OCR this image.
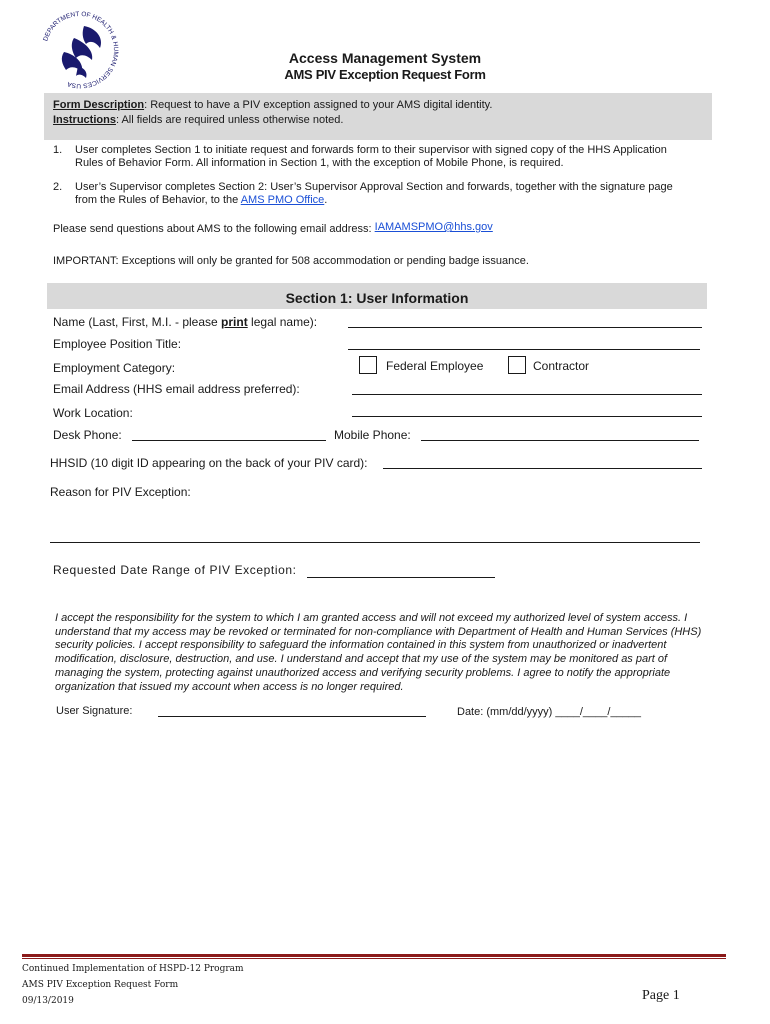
DEPARTMENT OF HEALTH & HUMAN SERVICES USA
Access Management System
AMS PIV Exception Request Form
Form Description: Request to have a PIV exception assigned to your AMS digital identity.
Instructions: All fields are required unless otherwise noted.
1. User completes Section 1 to initiate request and forwards form to their supervisor with signed copy of the HHS Application Rules of Behavior Form. All information in Section 1, with the exception of Mobile Phone, is required.
2. User’s Supervisor completes Section 2: User’s Supervisor Approval Section and forwards, together with the signature page from the Rules of Behavior, to the AMS PMO Office.
Please send questions about AMS to the following email address: IAMAMSPMO@hhs.gov
IMPORTANT: Exceptions will only be granted for 508 accommodation or pending badge issuance.
Section 1: User Information
Name (Last, First, M.I. - please print legal name):
Employee Position Title:
Employment Category:	Federal Employee	Contractor
Email Address (HHS email address preferred):
Work Location:
Desk Phone:	Mobile Phone:
HHSID (10 digit ID appearing on the back of your PIV card):
Reason for PIV Exception:
Requested Date Range of PIV Exception:
I accept the responsibility for the system to which I am granted access and will not exceed my authorized level of system access. I understand that my access may be revoked or terminated for non-compliance with Department of Health and Human Services (HHS) security policies. I accept responsibility to safeguard the information contained in this system from unauthorized or inadvertent modification, disclosure, destruction, and use. I understand and accept that my use of the system may be monitored as part of managing the system, protecting against unauthorized access and verifying security problems. I agree to notify the appropriate organization that issued my account when access is no longer required.
User Signature:	Date: (mm/dd/yyyy) ____/____/_____
Continued Implementation of HSPD-12 Program
AMS PIV Exception Request Form
09/13/2019	Page 1
